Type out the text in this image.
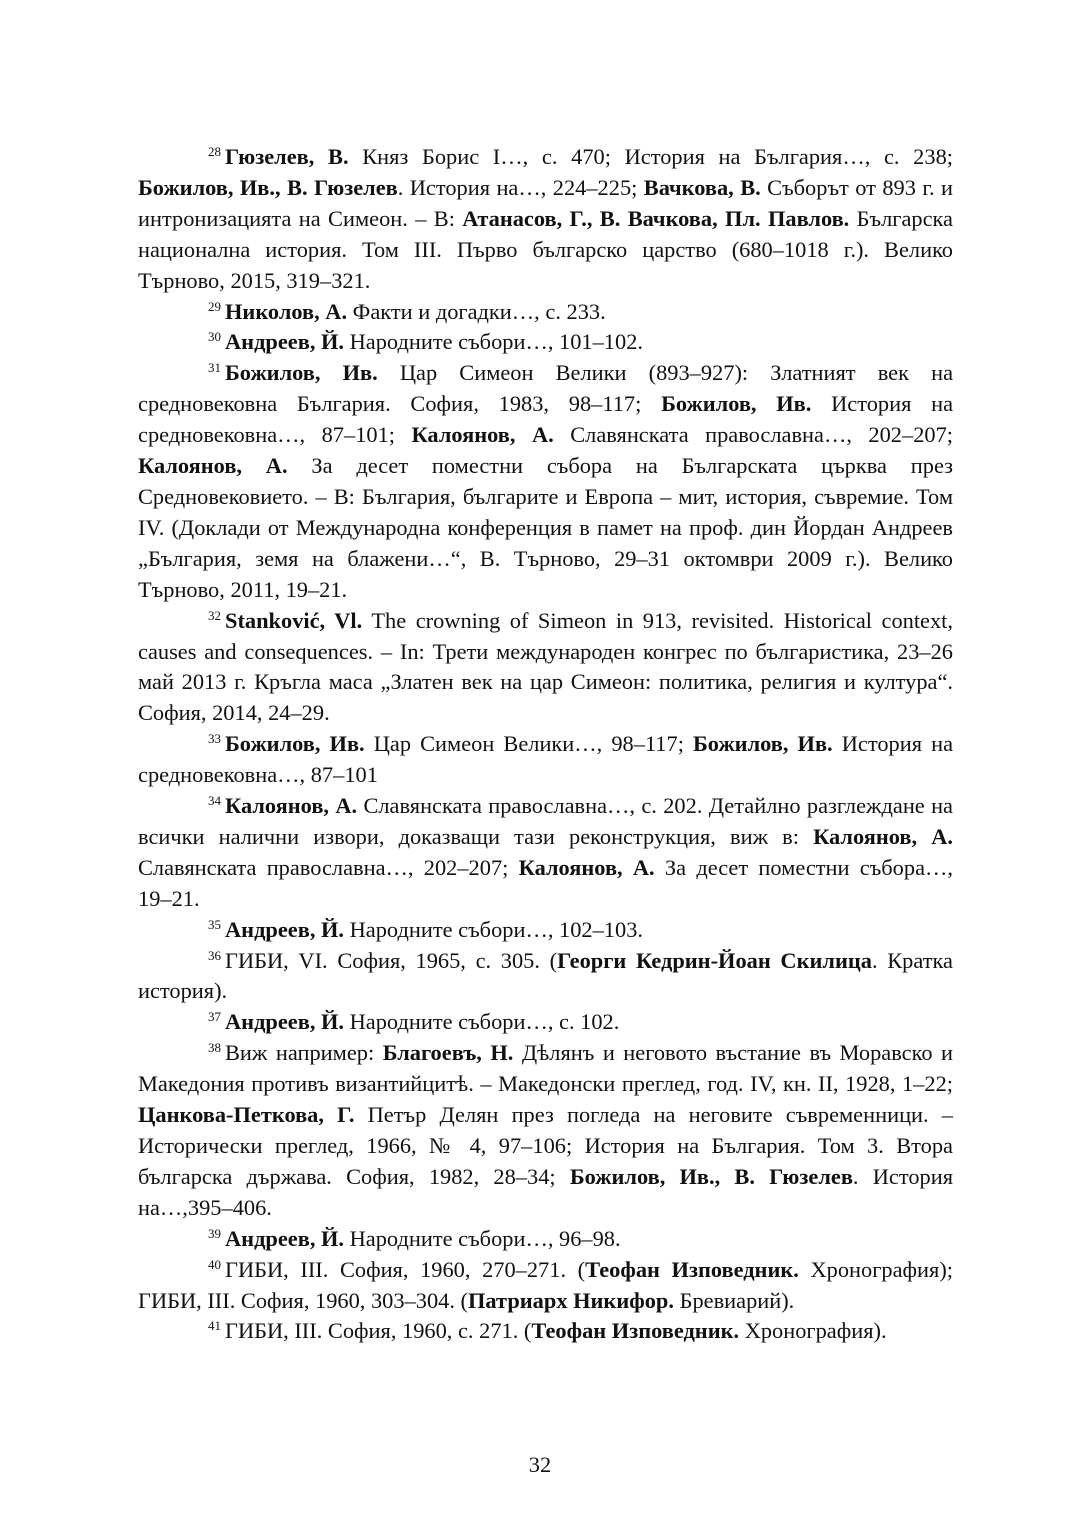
$^{28}$ Гюзелев, В. Княз Борис I…, с. 470; История на България…, с. 238; Божилов, Ив., В. Гюзелев. История на…, 224–225; Вачкова, В. Съборът от 893 г. и интронизацията на Симеон. – В: Атанасов, Г., В. Вачкова, Пл. Павлов. Българска национална история. Том III. Първо българско царство (680–1018 г.). Велико Търново, 2015, 319–321.

$^{29}$ Николов, А. Факти и догадки…, с. 233.

$^{30}$ Андреев, Й. Народните събори…, 101–102.

$^{31}$ Божилов, Ив. Цар Симеон Велики (893–927): Златният век на средновековна България. София, 1983, 98–117; Божилов, Ив. История на средновековна…, 87–101; Калоянов, А. Славянската православна…, 202–207; Калоянов, А. За десет поместни събора на Българската църква през Средновековието. – В: България, българите и Европа – мит, история, съвремие. Том IV. (Доклади от Международна конференция в памет на проф. дин Йордан Андреев „България, земя на блажени…“, В. Търново, 29–31 октомври 2009 г.). Велико Търново, 2011, 19–21.

$^{32}$ Stanković, Vl. The crowning of Simeon in 913, revisited. Historical context, causes and consequences. – In: Трети международен конгрес по българистика, 23–26 май 2013 г. Кръгла маса „Златен век на цар Симеон: политика, религия и култура“. София, 2014, 24–29.

$^{33}$ Божилов, Ив. Цар Симеон Велики…, 98–117; Божилов, Ив. История на средновековна…, 87–101

$^{34}$ Калоянов, А. Славянската православна…, с. 202. Детайлно разглеждане на всички налични извори, доказващи тази реконструкция, виж в: Калоянов, А. Славянската православна…, 202–207; Калоянов, А. За десет поместни събора…, 19–21.

$^{35}$ Андреев, Й. Народните събори…, 102–103.

$^{36}$ ГИБИ, VI. София, 1965, с. 305. (Георги Кедрин-Йоан Скилица. Кратка история).

$^{37}$ Андреев, Й. Народните събори…, с. 102.

$^{38}$ Виж например: Благоевъ, Н. Дѣлянъ и неговото въстание въ Моравско и Македония противъ византийцитѣ. – Македонски преглед, год. IV, кн. II, 1928, 1–22; Цанкова-Петкова, Г. Петър Делян през погледа на неговите съвременници. – Исторически преглед, 1966, № 4, 97–106; История на България. Том 3. Втора българска държава. София, 1982, 28–34; Божилов, Ив., В. Гюзелев. История на…,395–406.

$^{39}$ Андреев, Й. Народните събори…, 96–98.

$^{40}$ ГИБИ, III. София, 1960, 270–271. (Теофан Изповедник. Хронография); ГИБИ, III. София, 1960, 303–304. (Патриарх Никифор. Бревиарий).

$^{41}$ ГИБИ, III. София, 1960, с. 271. (Теофан Изповедник. Хронография).

32
